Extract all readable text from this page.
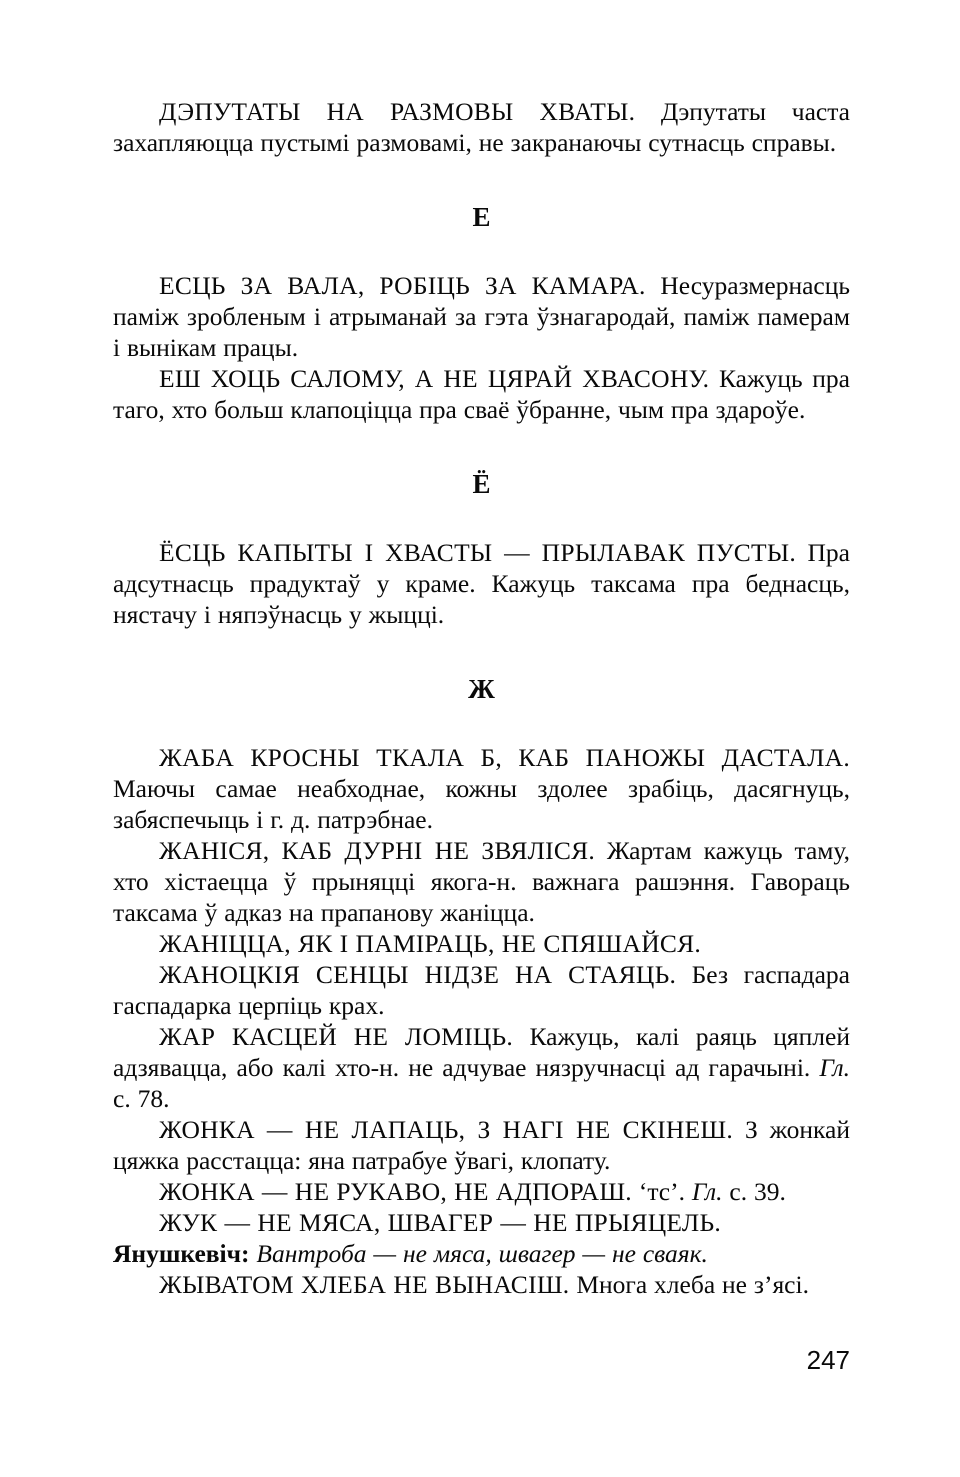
ДЭПУТАТЫ НА РАЗМОВЫ ХВАТЫ. Дэпутаты часта захапляюцца пустымі размовамі, не закранаючы сутнасць справы.

Е

ЕСЦЬ ЗА ВАЛА, РОБІЦЬ ЗА КАМАРА. Несуразмернасць паміж зробленым і атрыманай за гэта ўзнагародай, паміж памерам і вынікам працы.

ЕШ ХОЦЬ САЛОМУ, А НЕ ЦЯРАЙ ХВАСОНУ. Кажуць пра таго, хто больш клапоціцца пра сваё ўбранне, чым пра здароўе.

Ё

ЁСЦЬ КАПЫТЫ І ХВАСТЫ — ПРЫЛАВАК ПУСТЫ. Пра адсутнасць прадуктаў у краме. Кажуць таксама пра беднасць, нястачу і няпэўнасць у жыцці.

Ж

ЖАБА КРОСНЫ ТКАЛА Б, КАБ ПАНОЖЫ ДАСТАЛА. Маючы самае неабходнае, кожны здолее зрабіць, дасягнуць, забяспечыць і г. д. патрэбнае.

ЖАНІСЯ, КАБ ДУРНІ НЕ ЗВЯЛІСЯ. Жартам кажуць таму, хто хістаецца ў прыняцці якога-н. важнага рашэння. Гавораць таксама ў адказ на прапанову жаніцца.

ЖАНІЦЦА, ЯК І ПАМІРАЦЬ, НЕ СПЯШАЙСЯ.

ЖАНОЦКІЯ СЕНЦЫ НІДЗЕ НА СТАЯЦЬ. Без гаспадара гаспадарка церпіць крах.

ЖАР КАСЦЕЙ НЕ ЛОМІЦЬ. Кажуць, калі раяць цяплей адзявацца, або калі хто-н. не адчувае нязручнасці ад гарачыні. Гл. с. 78.

ЖОНКА — НЕ ЛАПАЦЬ, З НАГІ НЕ СКІНЕШ. З жонкай цяжка расстацца: яна патрабуе ўвагі, клопату.

ЖОНКА — НЕ РУКАВО, НЕ АДПОРАШ. ‘тс’. Гл. с. 39.

ЖУК — НЕ МЯСА, ШВАГЕР — НЕ ПРЫЯЦЕЛЬ.

Янушкевіч: Вантроба — не мяса, швагер — не сваяк.

ЖЫВАТОМ ХЛЕБА НЕ ВЫНАСІШ. Многа хлеба не з’ясі.

247
